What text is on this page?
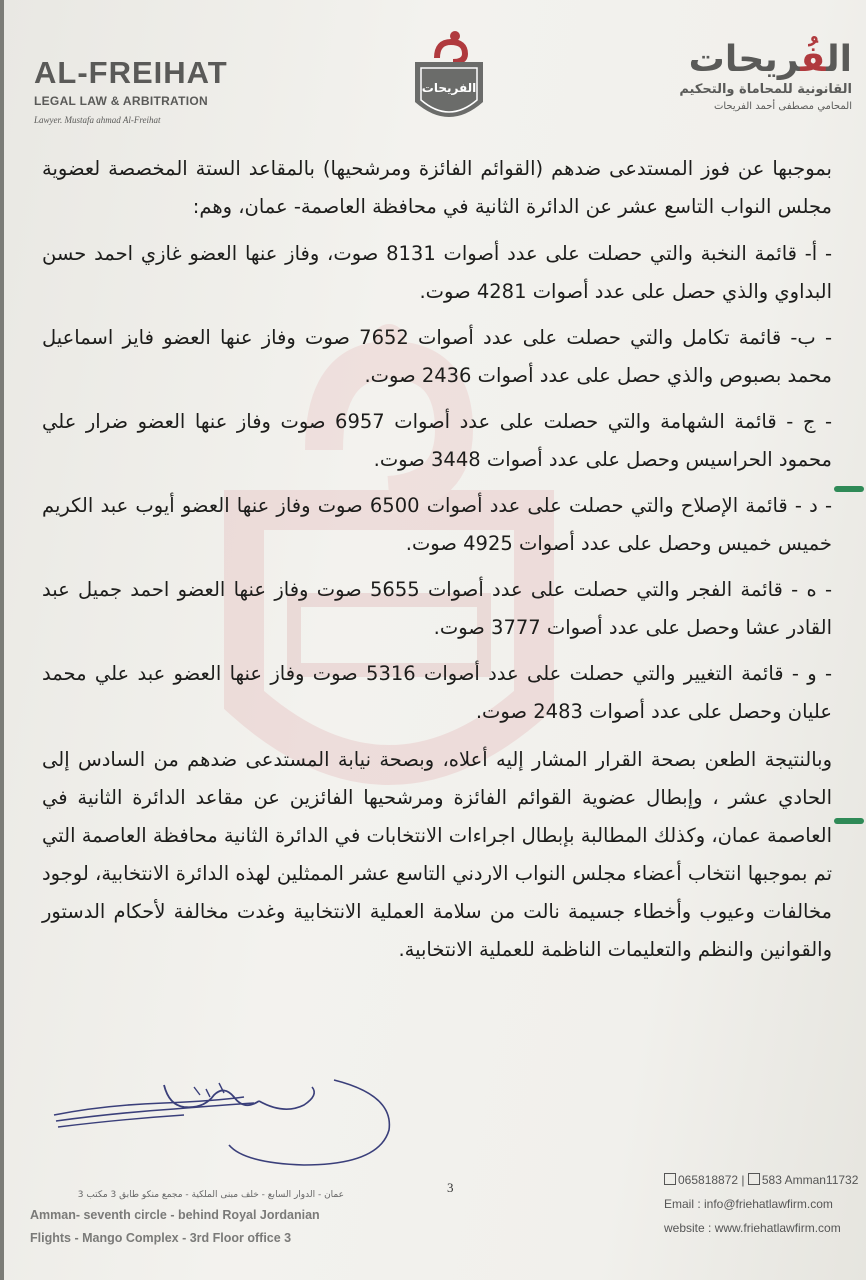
AL-FREIHAT
LEGAL LAW & ARBITRATION
Lawyer. Mustafa ahmad Al-Freihat
الفريحات
الفُريحات
القانونية للمحاماة والتحكيم
المحامي مصطفى أحمد الفريحات

بموجبها عن فوز المستدعى ضدهم (القوائم الفائزة ومرشحيها) بالمقاعد الستة المخصصة لعضوية مجلس النواب التاسع عشر عن الدائرة الثانية في محافظة العاصمة- عمان، وهم:

- أ- قائمة النخبة والتي حصلت على عدد أصوات 8131 صوت، وفاز عنها العضو غازي احمد حسن البداوي والذي حصل على عدد أصوات 4281 صوت.

- ب- قائمة تكامل والتي حصلت على عدد أصوات 7652 صوت وفاز عنها العضو فايز اسماعيل محمد بصبوص والذي حصل على عدد أصوات 2436 صوت.

- ج - قائمة الشهامة والتي حصلت على عدد أصوات 6957 صوت وفاز عنها العضو ضرار علي محمود الحراسيس وحصل على عدد أصوات 3448 صوت.

- د - قائمة الإصلاح والتي حصلت على عدد أصوات 6500 صوت وفاز عنها العضو أيوب عبد الكريم خميس خميس وحصل على عدد أصوات 4925 صوت.

- ه - قائمة الفجر والتي حصلت على عدد أصوات 5655 صوت وفاز عنها العضو احمد جميل عبد القادر عشا وحصل على عدد أصوات 3777 صوت.

- و - قائمة التغيير والتي حصلت على عدد أصوات 5316 صوت وفاز عنها العضو عبد علي محمد عليان وحصل على عدد أصوات 2483 صوت.

وبالنتيجة الطعن بصحة القرار المشار إليه أعلاه، وبصحة نيابة المستدعى ضدهم من السادس إلى الحادي عشر ، وإبطال عضوية القوائم الفائزة ومرشحيها الفائزين عن مقاعد الدائرة الثانية في العاصمة عمان، وكذلك المطالبة بإبطال اجراءات الانتخابات في الدائرة الثانية محافظة العاصمة التي تم بموجبها انتخاب أعضاء مجلس النواب الاردني التاسع عشر الممثلين لهذه الدائرة الانتخابية، لوجود مخالفات وعيوب وأخطاء جسيمة نالت من سلامة العملية الانتخابية وغدت مخالفة لأحكام الدستور والقوانين والنظم والتعليمات الناظمة للعملية الانتخابية.

3
عمان - الدوار السابع - خلف مبنى الملكية - مجمع منكو طابق 3 مكتب 3
Amman- seventh circle - behind Royal Jordanian
Flights - Mango Complex - 3rd Floor office 3
065818872 | 583 Amman11732
Email : info@friehatlawfirm.com
website : www.friehatlawfirm.com
